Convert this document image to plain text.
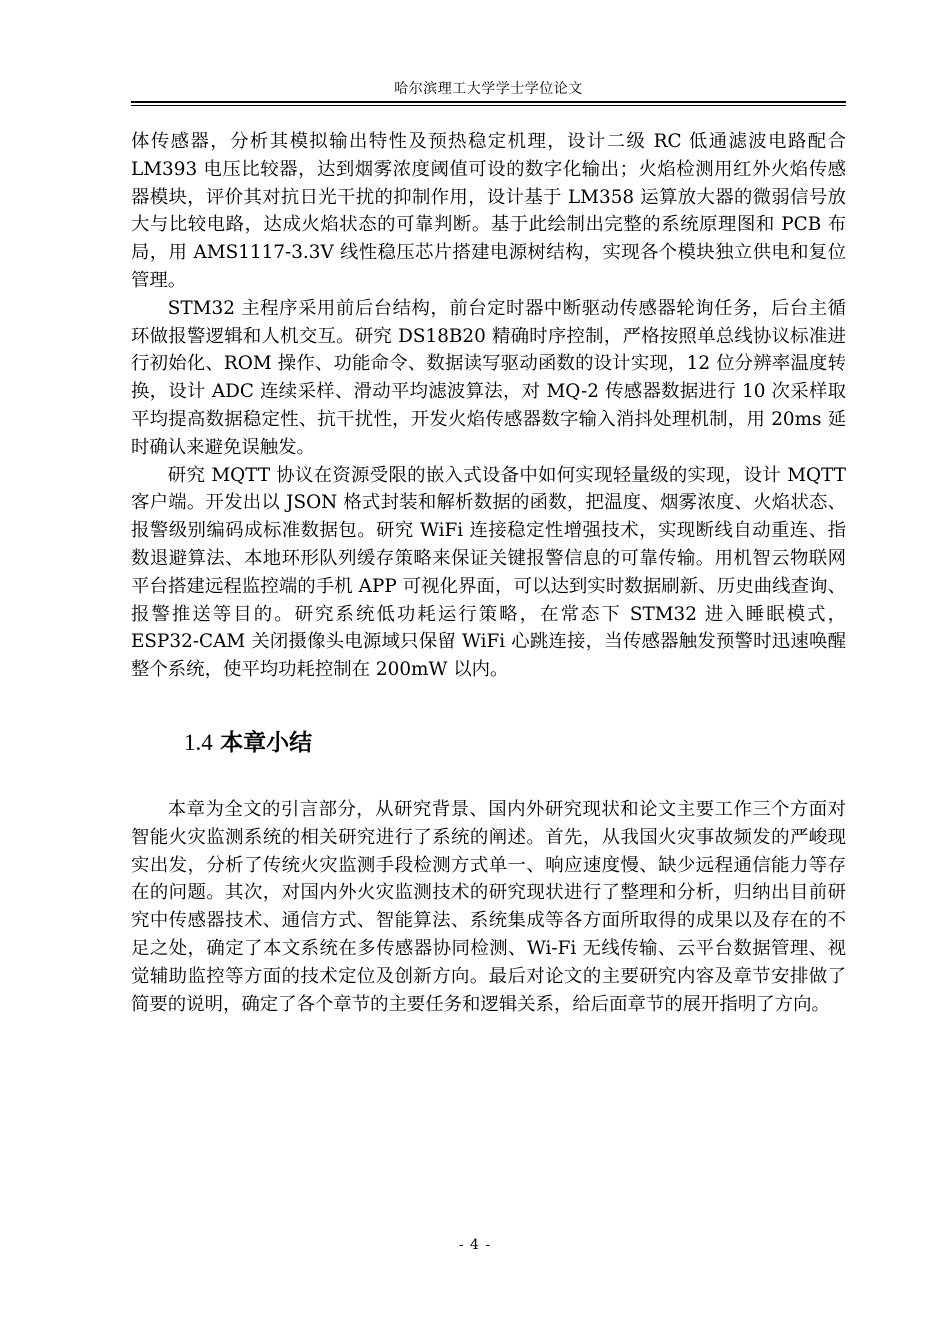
哈尔滨理工大学学士学位论文

体传感器，分析其模拟输出特性及预热稳定机理，设计二级 RC 低通滤波电路配合 LM393 电压比较器，达到烟雾浓度阈值可设的数字化输出；火焰检测用红外火焰传感器模块，评价其对抗日光干扰的抑制作用，设计基于 LM358 运算放大器的微弱信号放大与比较电路，达成火焰状态的可靠判断。基于此绘制出完整的系统原理图和 PCB 布局，用 AMS1117-3.3V 线性稳压芯片搭建电源树结构，实现各个模块独立供电和复位管理。

STM32 主程序采用前后台结构，前台定时器中断驱动传感器轮询任务，后台主循环做报警逻辑和人机交互。研究 DS18B20 精确时序控制，严格按照单总线协议标准进行初始化、ROM 操作、功能命令、数据读写驱动函数的设计实现，12 位分辨率温度转换，设计 ADC 连续采样、滑动平均滤波算法，对 MQ-2 传感器数据进行 10 次采样取平均提高数据稳定性、抗干扰性，开发火焰传感器数字输入消抖处理机制，用 20ms 延时确认来避免误触发。

研究 MQTT 协议在资源受限的嵌入式设备中如何实现轻量级的实现，设计 MQTT 客户端。开发出以 JSON 格式封装和解析数据的函数，把温度、烟雾浓度、火焰状态、报警级别编码成标准数据包。研究 WiFi 连接稳定性增强技术，实现断线自动重连、指数退避算法、本地环形队列缓存策略来保证关键报警信息的可靠传输。用机智云物联网平台搭建远程监控端的手机 APP 可视化界面，可以达到实时数据刷新、历史曲线查询、报警推送等目的。研究系统低功耗运行策略，在常态下 STM32 进入睡眠模式，ESP32-CAM 关闭摄像头电源域只保留 WiFi 心跳连接，当传感器触发预警时迅速唤醒整个系统，使平均功耗控制在 200mW 以内。

1.4 本章小结

本章为全文的引言部分，从研究背景、国内外研究现状和论文主要工作三个方面对智能火灾监测系统的相关研究进行了系统的阐述。首先，从我国火灾事故频发的严峻现实出发，分析了传统火灾监测手段检测方式单一、响应速度慢、缺少远程通信能力等存在的问题。其次，对国内外火灾监测技术的研究现状进行了整理和分析，归纳出目前研究中传感器技术、通信方式、智能算法、系统集成等各方面所取得的成果以及存在的不足之处，确定了本文系统在多传感器协同检测、Wi-Fi 无线传输、云平台数据管理、视觉辅助监控等方面的技术定位及创新方向。最后对论文的主要研究内容及章节安排做了简要的说明，确定了各个章节的主要任务和逻辑关系，给后面章节的展开指明了方向。

- 4 -
